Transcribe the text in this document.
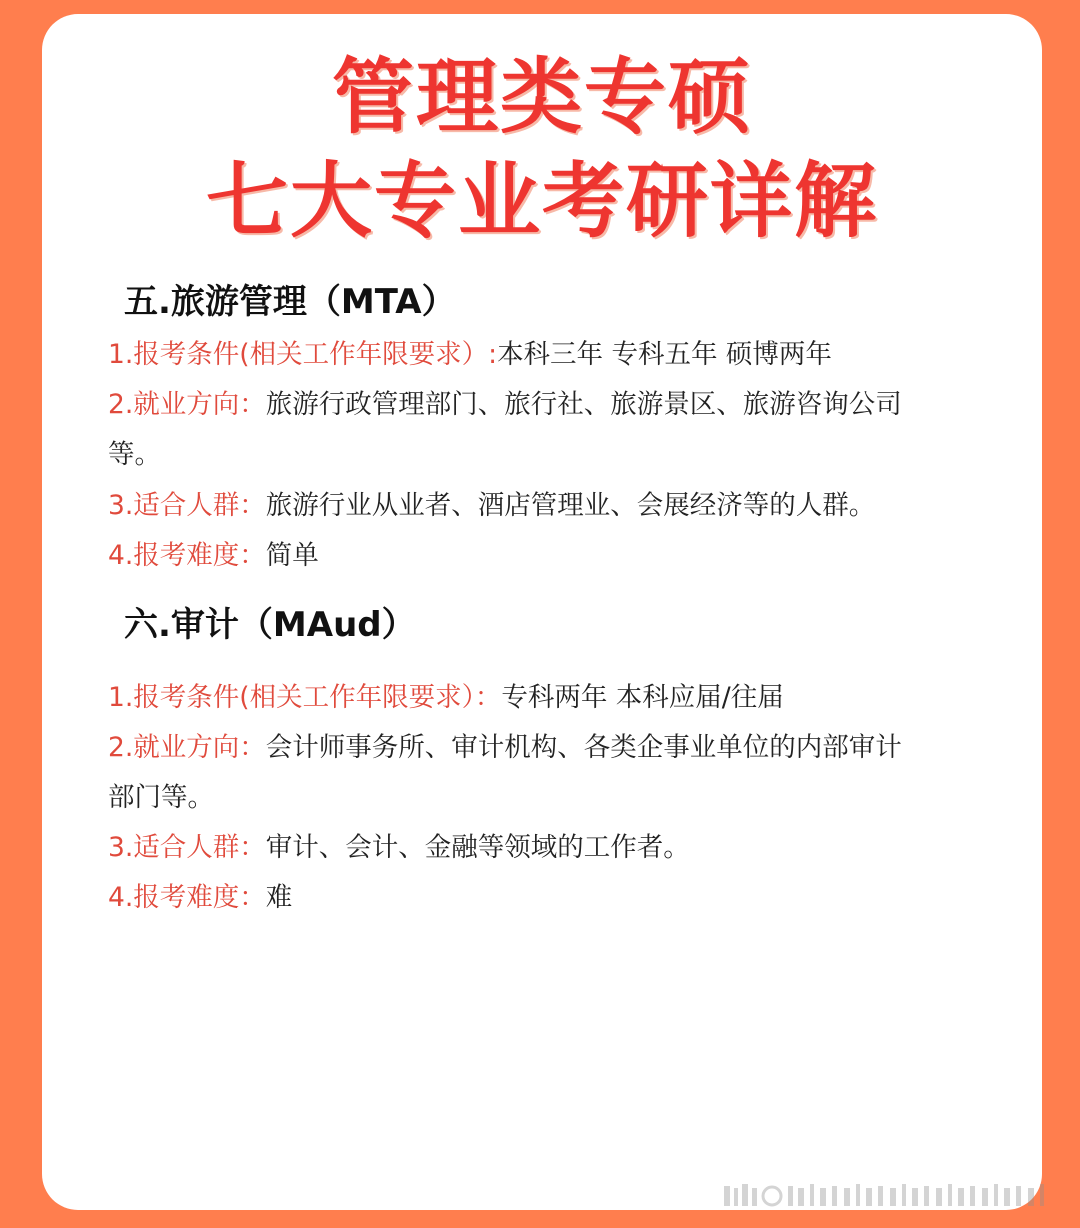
管理类专硕
七大专业考研详解
五.旅游管理（MTA）
1.报考条件(相关工作年限要求）:本科三年 专科五年 硕博两年
2.就业方向：旅游行政管理部门、旅行社、旅游景区、旅游咨询公司
等。
3.适合人群：旅游行业从业者、酒店管理业、会展经济等的人群。
4.报考难度：简单
六.审计（MAud）
1.报考条件(相关工作年限要求）：专科两年 本科应届/往届
2.就业方向：会计师事务所、审计机构、各类企事业单位的内部审计
部门等。
3.适合人群：审计、会计、金融等领域的工作者。
4.报考难度：难
